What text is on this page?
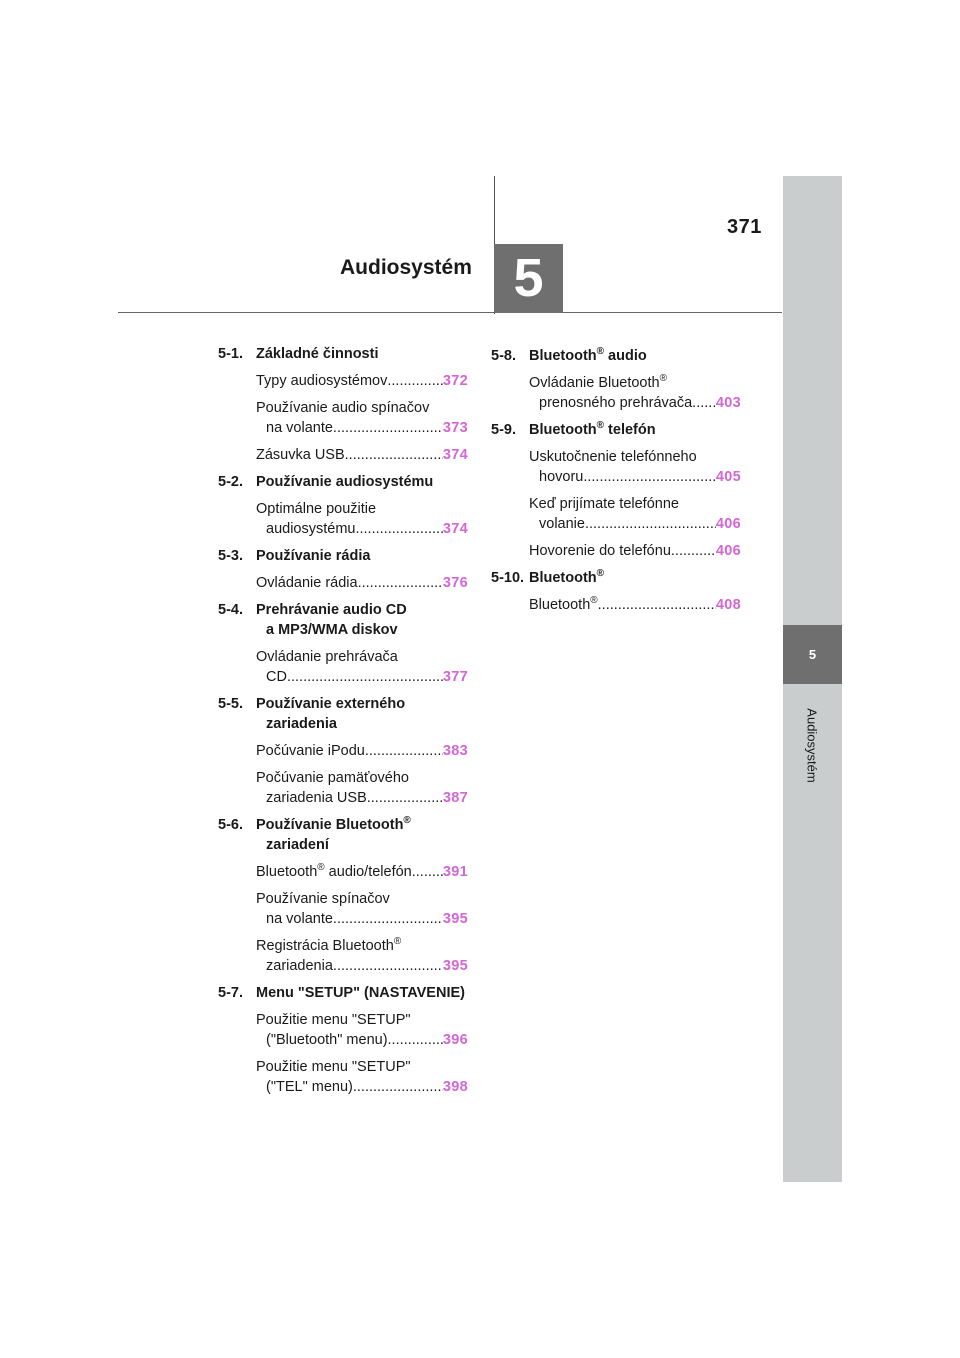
5
Audiosystém
371
5
Audiosystém
5-1. Základné činnosti
Typy audiosystémov .....	372
Používanie audio spínačov
na volante .....	373
Zásuvka USB .....	374
5-2. Používanie audiosystému
Optimálne použitie
audiosystému .....	374
5-3. Používanie rádia
Ovládanie rádia .....	376
5-4. Prehrávanie audio CD
a MP3/WMA diskov
Ovládanie prehrávača
CD .....	377
5-5. Používanie externého
zariadenia
Počúvanie iPodu .....	383
Počúvanie pamäťového
zariadenia USB .....	387
5-6. Používanie Bluetooth®
zariadení
Bluetooth® audio/telefón ..... 391
Používanie spínačov
na volante .....	395
Registrácia Bluetooth®
zariadenia .....	395
5-7. Menu "SETUP" (NASTAVENIE)
Použitie menu "SETUP"
("Bluetooth" menu) .....	396
Použitie menu "SETUP"
("TEL" menu) .....	398
5-8. Bluetooth® audio
Ovládanie Bluetooth®
prenosného prehrávača ..... 403
5-9. Bluetooth® telefón
Uskutočnenie telefónneho
hovoru .....	405
Keď prijímate telefónne
volanie .....	406
Hovorenie do telefónu .....	406
5-10. Bluetooth®
Bluetooth® .....	408
